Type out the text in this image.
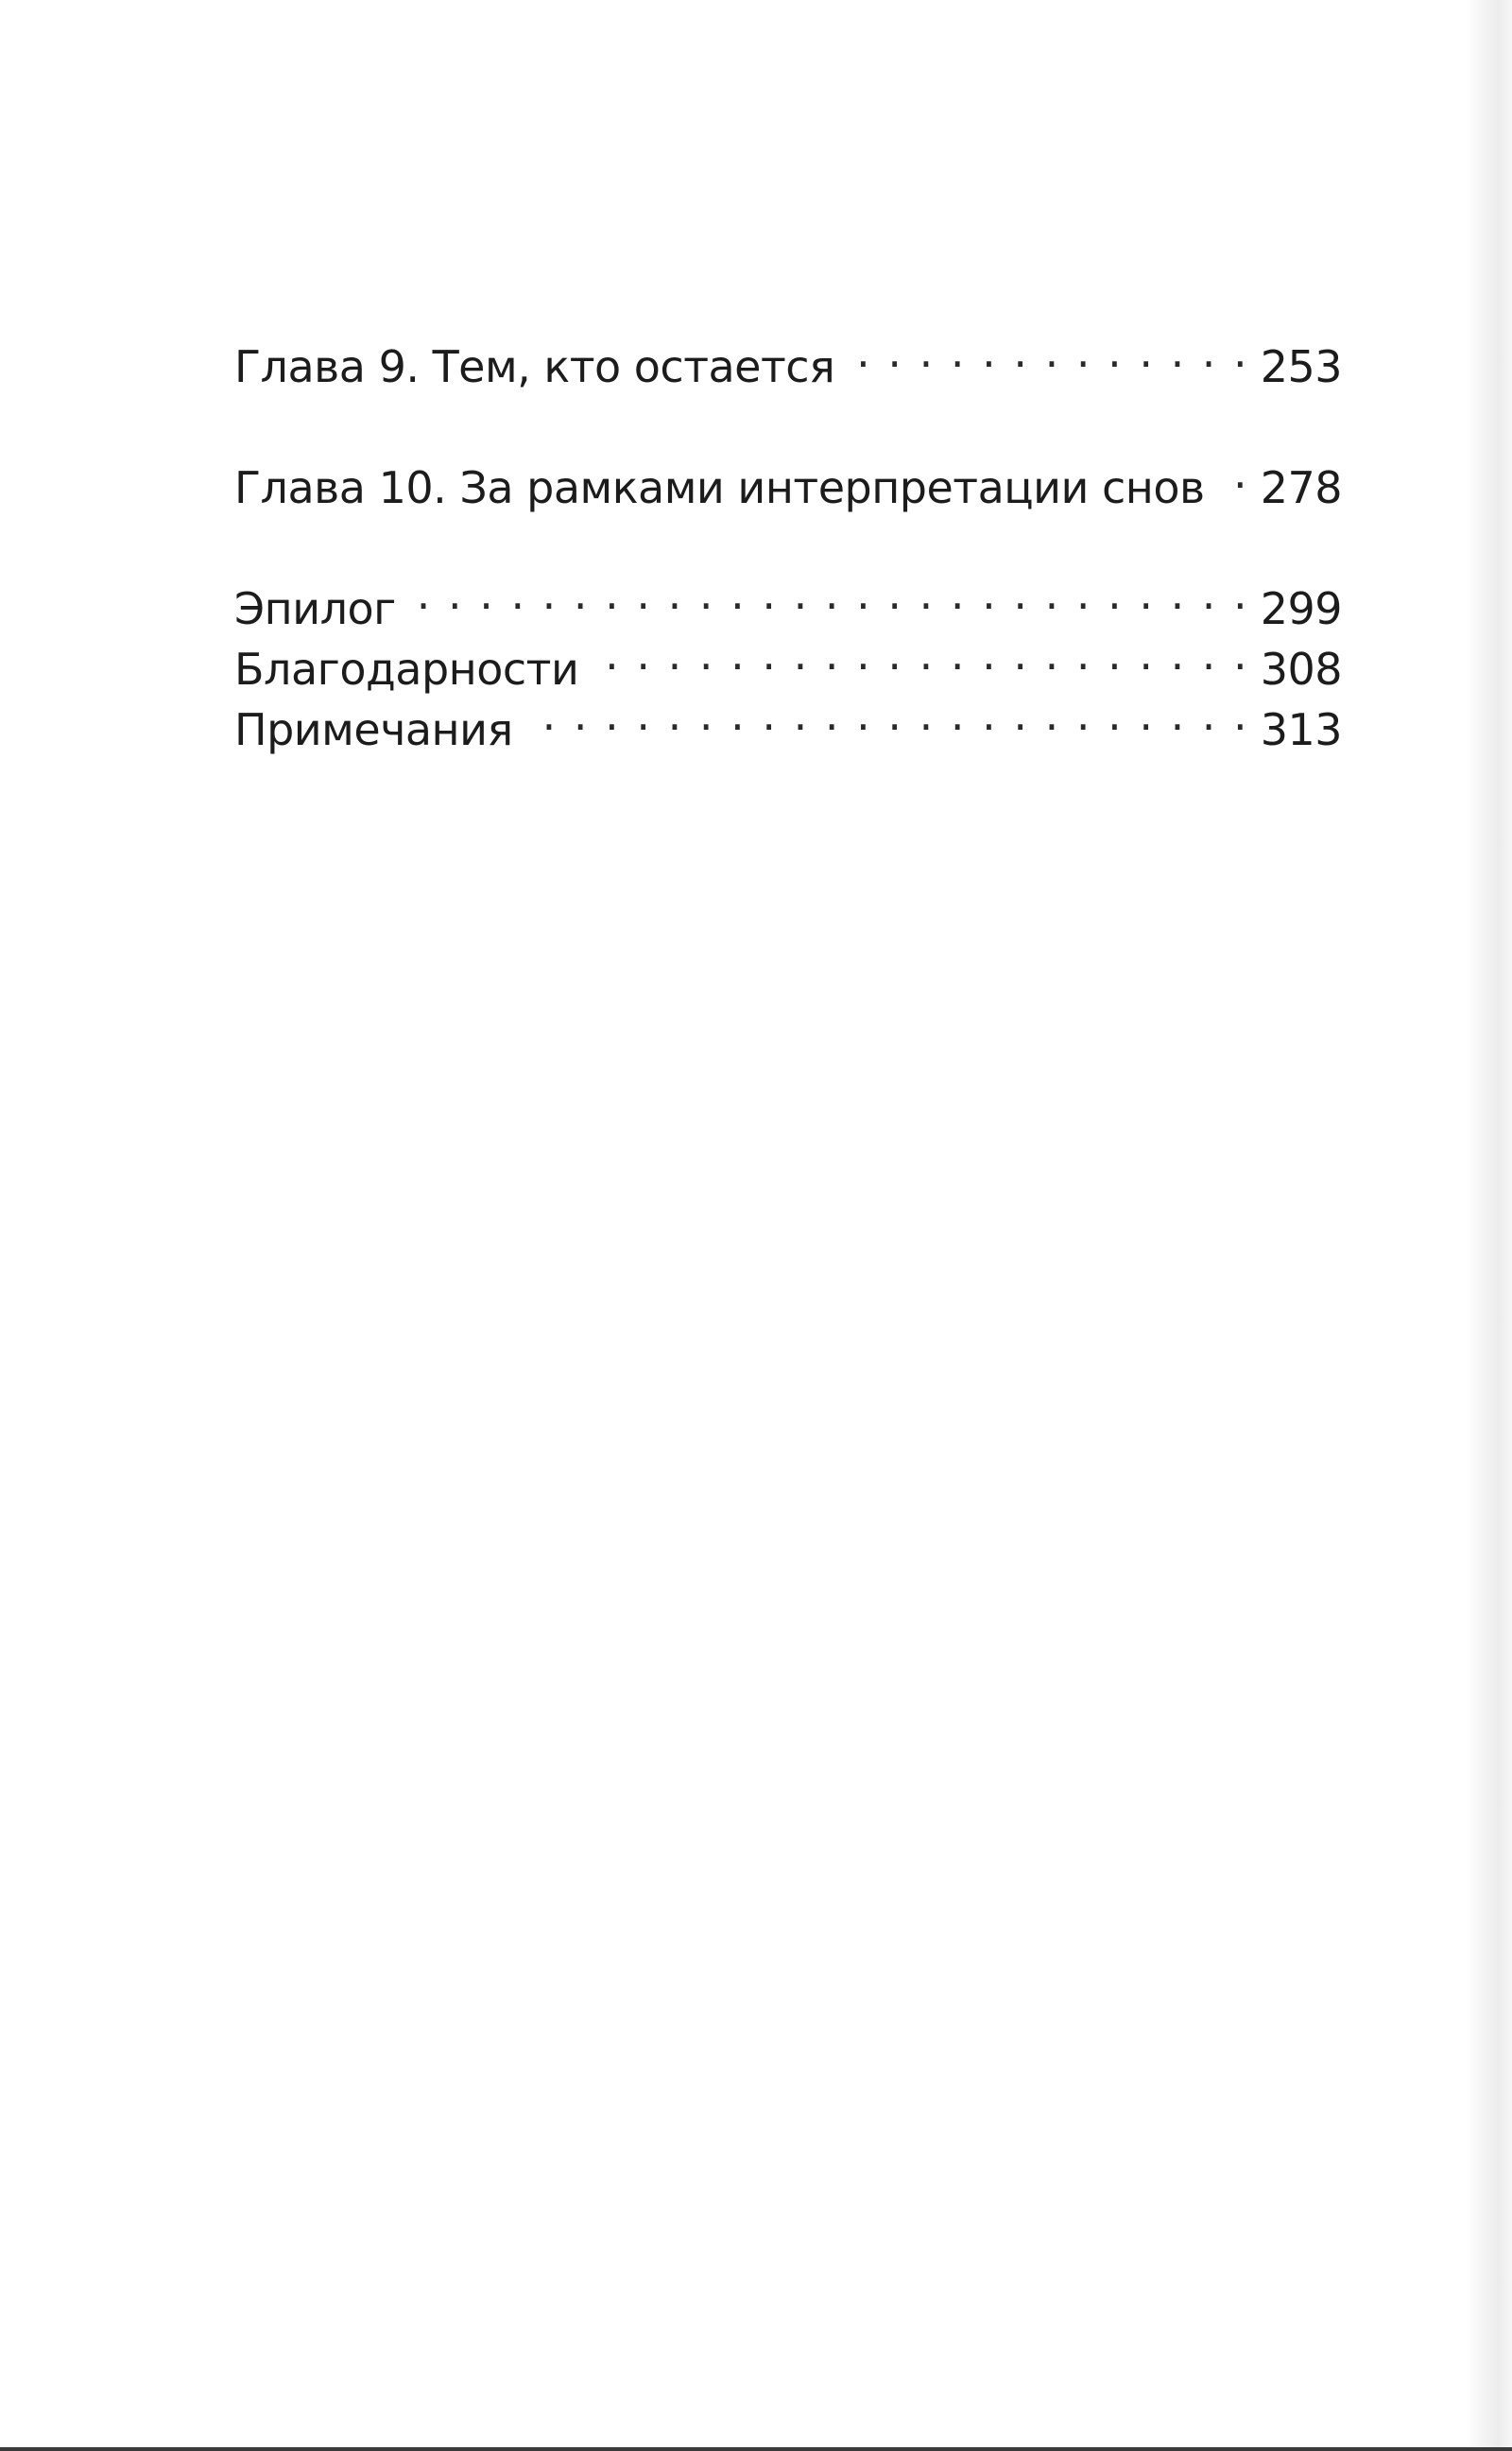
Глава 9. Тем, кто остается . . .	253
Глава 10. За рамками интерпретации снов . . . 278
Эпилог . . .	299
Благодарности . . .	308
Примечания . . .	313
